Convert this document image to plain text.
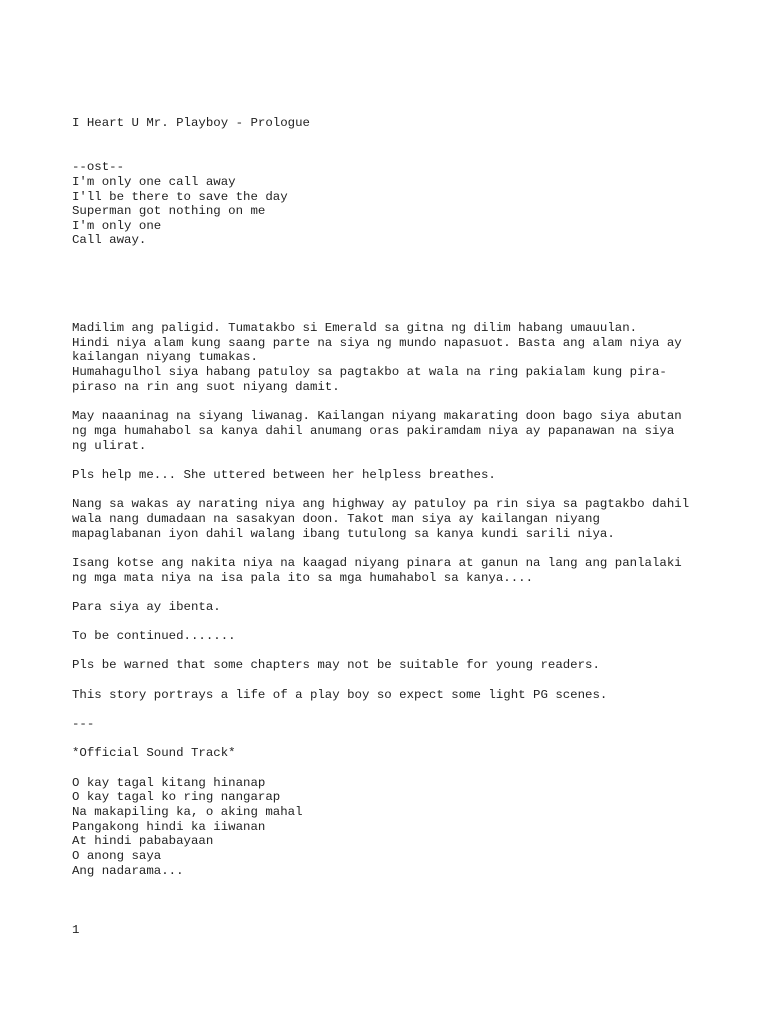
I Heart U Mr. Playboy - Prologue
--ost--
I'm only one call away
I'll be there to save the day
Superman got nothing on me
I'm only one
Call away.
Madilim ang paligid. Tumatakbo si Emerald sa gitna ng dilim habang umauulan.
Hindi niya alam kung saang parte na siya ng mundo napasuot. Basta ang alam niya ay
kailangan niyang tumakas.
Humahagulhol siya habang patuloy sa pagtakbo at wala na ring pakialam kung pira-
piraso na rin ang suot niyang damit.
May naaaninag na siyang liwanag. Kailangan niyang makarating doon bago siya abutan
ng mga humahabol sa kanya dahil anumang oras pakiramdam niya ay papanawan na siya
ng ulirat.
Pls help me... She uttered between her helpless breathes.
Nang sa wakas ay narating niya ang highway ay patuloy pa rin siya sa pagtakbo dahil
wala nang dumadaan na sasakyan doon. Takot man siya ay kailangan niyang
mapaglabanan iyon dahil walang ibang tutulong sa kanya kundi sarili niya.
Isang kotse ang nakita niya na kaagad niyang pinara at ganun na lang ang panlalaki
ng mga mata niya na isa pala ito sa mga humahabol sa kanya....
Para siya ay ibenta.
To be continued.......
Pls be warned that some chapters may not be suitable for young readers.
This story portrays a life of a play boy so expect some light PG scenes.
---
*Official Sound Track*
O kay tagal kitang hinanap
O kay tagal ko ring nangarap
Na makapiling ka, o aking mahal
Pangakong hindi ka iiwanan
At hindi pababayaan
O anong saya
Ang nadarama...
1
